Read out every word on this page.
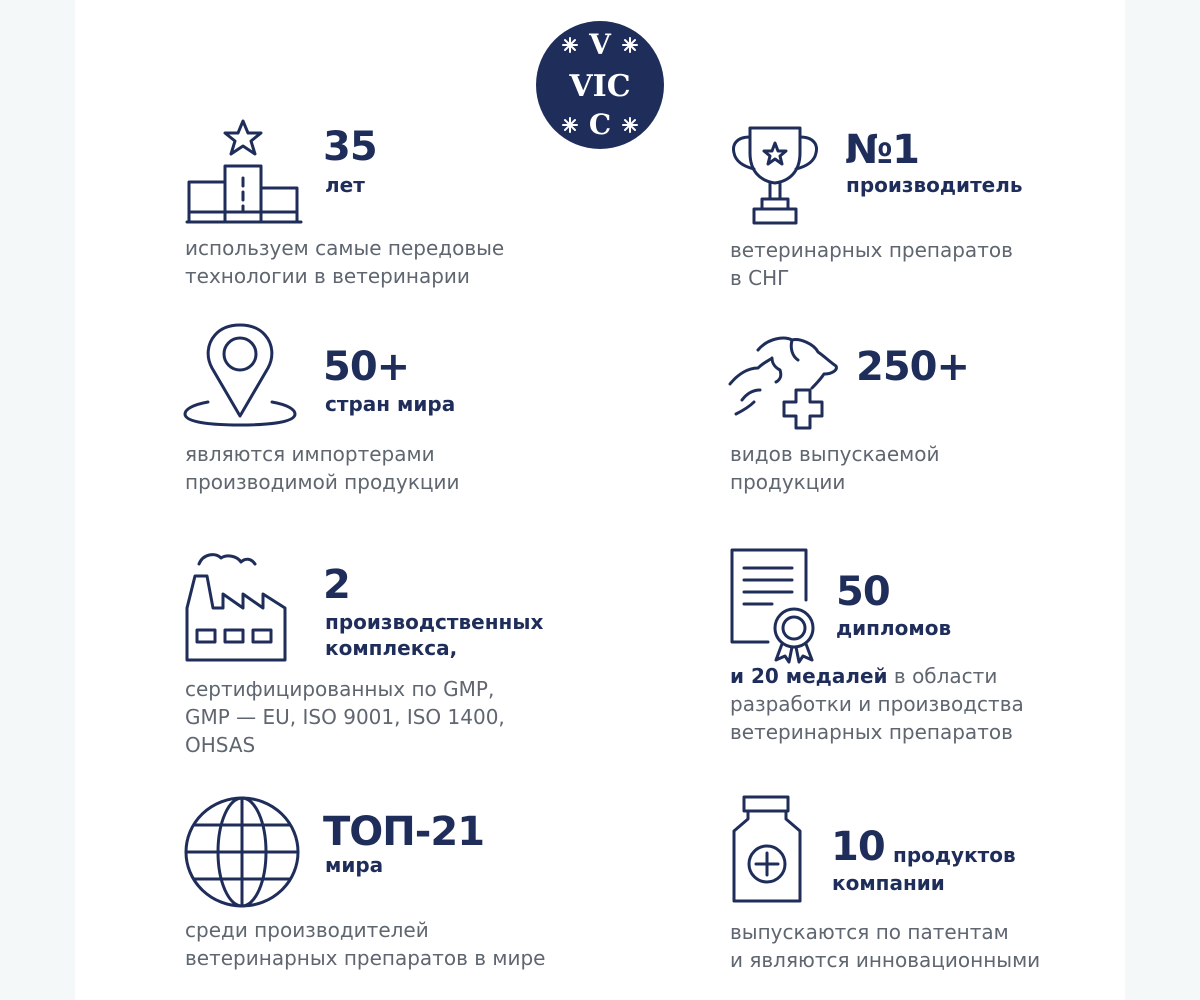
V
VIC
C
35
лет
используем самые передовые
технологии в ветеринарии
№1
производитель
ветеринарных препаратов
в СНГ
50+
стран мира
являются импортерами
производимой продукции
250+
видов выпускаемой
продукции
2
производственных
комплекса,
сертифицированных по GMP,
GMP — EU, ISO 9001, ISO 1400,
OHSAS
50
дипломов
и 20 медалей в области
разработки и производства
ветеринарных препаратов
ТОП-21
мира
среди производителей
ветеринарных препаратов в мире
10 продуктов
компании
выпускаются по патентам
и являются инновационными
